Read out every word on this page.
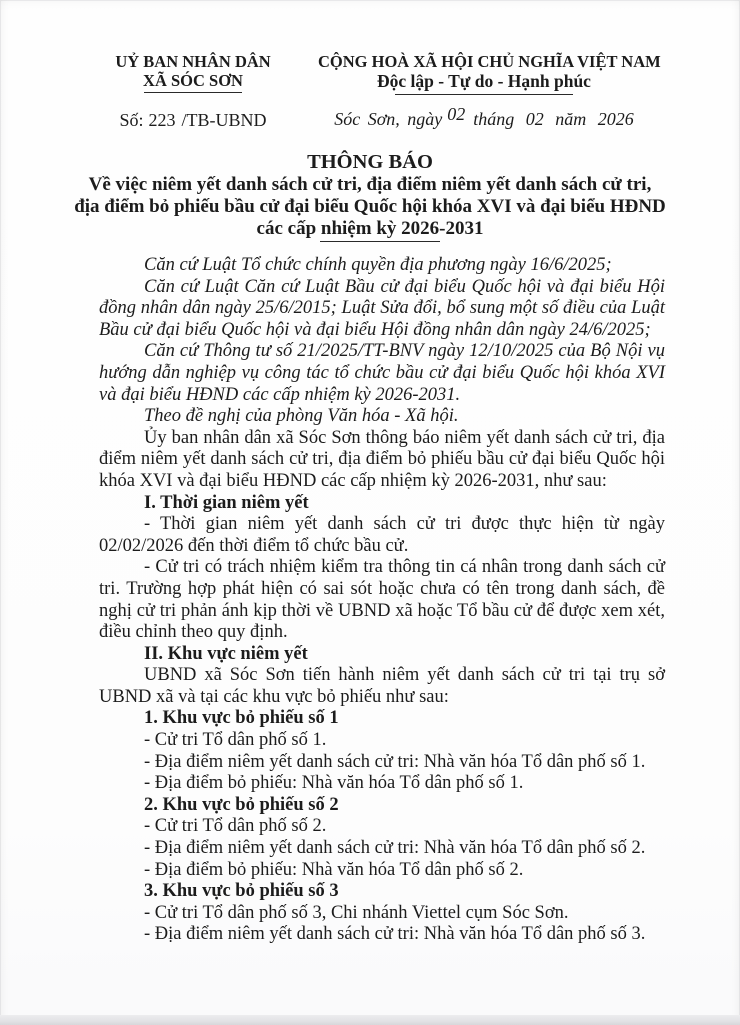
UỶ BAN NHÂN DÂN
XÃ SÓC SƠN
Số: 223 /TB-UBND
CỘNG HOÀ XÃ HỘI CHỦ NGHĨA VIỆT NAM
Độc lập - Tự do - Hạnh phúc
Sóc Sơn, ngày 02 tháng 02 năm 2026
THÔNG BÁO
Về việc niêm yết danh sách cử tri, địa điểm niêm yết danh sách cử tri,
địa điểm bỏ phiếu bầu cử đại biểu Quốc hội khóa XVI và đại biểu HĐND
các cấp nhiệm kỳ 2026-2031

Căn cứ Luật Tổ chức chính quyền địa phương ngày 16/6/2025;

Căn cứ Luật Căn cứ Luật Bầu cử đại biểu Quốc hội và đại biểu Hội đồng nhân dân ngày 25/6/2015; Luật Sửa đổi, bổ sung một số điều của Luật Bầu cử đại biểu Quốc hội và đại biểu Hội đồng nhân dân ngày 24/6/2025;

Căn cứ Thông tư số 21/2025/TT-BNV ngày 12/10/2025 của Bộ Nội vụ hướng dẫn nghiệp vụ công tác tổ chức bầu cử đại biểu Quốc hội khóa XVI và đại biểu HĐND các cấp nhiệm kỳ 2026-2031.

Theo đề nghị của phòng Văn hóa - Xã hội.

Ủy ban nhân dân xã Sóc Sơn thông báo niêm yết danh sách cử tri, địa điểm niêm yết danh sách cử tri, địa điểm bỏ phiếu bầu cử đại biểu Quốc hội khóa XVI và đại biểu HĐND các cấp nhiệm kỳ 2026-2031, như sau:

I. Thời gian niêm yết

- Thời gian niêm yết danh sách cử tri được thực hiện từ ngày 02/02/2026 đến thời điểm tổ chức bầu cử.

- Cử tri có trách nhiệm kiểm tra thông tin cá nhân trong danh sách cử tri. Trường hợp phát hiện có sai sót hoặc chưa có tên trong danh sách, đề nghị cử tri phản ánh kịp thời về UBND xã hoặc Tổ bầu cử để được xem xét, điều chỉnh theo quy định.

II. Khu vực niêm yết

UBND xã Sóc Sơn tiến hành niêm yết danh sách cử tri tại trụ sở UBND xã và tại các khu vực bỏ phiếu như sau:

1. Khu vực bỏ phiếu số 1

- Cử tri Tổ dân phố số 1.

- Địa điểm niêm yết danh sách cử tri: Nhà văn hóa Tổ dân phố số 1.

- Địa điểm bỏ phiếu: Nhà văn hóa Tổ dân phố số 1.

2. Khu vực bỏ phiếu số 2

- Cử tri Tổ dân phố số 2.

- Địa điểm niêm yết danh sách cử tri: Nhà văn hóa Tổ dân phố số 2.

- Địa điểm bỏ phiếu: Nhà văn hóa Tổ dân phố số 2.

3. Khu vực bỏ phiếu số 3

- Cử tri Tổ dân phố số 3, Chi nhánh Viettel cụm Sóc Sơn.

- Địa điểm niêm yết danh sách cử tri: Nhà văn hóa Tổ dân phố số 3.
